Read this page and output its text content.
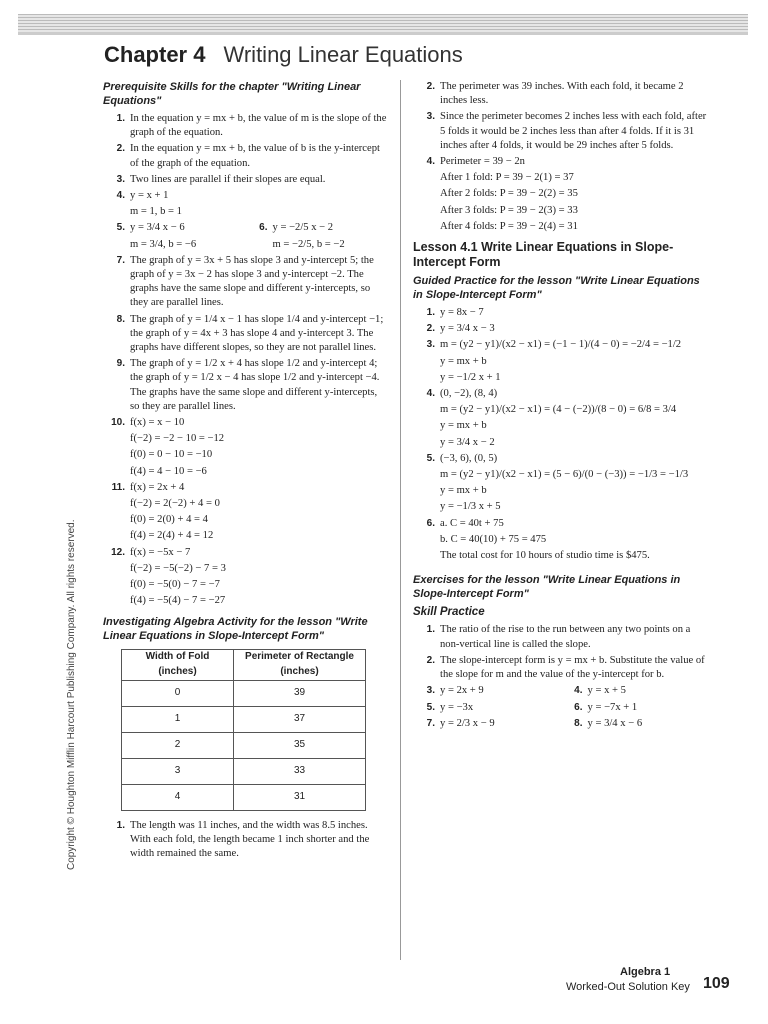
Chapter 4 Writing Linear Equations
Prerequisite Skills for the chapter "Writing Linear Equations"
1. In the equation y = mx + b, the value of m is the slope of the graph of the equation.
2. In the equation y = mx + b, the value of b is the y-intercept of the graph of the equation.
3. Two lines are parallel if their slopes are equal.
4. y = x + 1
m = 1, b = 1
5. y = 3/4 x − 6
m = 3/4, b = −6
6. y = −2/5 x − 2
m = −2/5, b = −2
7. The graph of y = 3x + 5 has slope 3 and y-intercept 5; the graph of y = 3x − 2 has slope 3 and y-intercept −2. The graphs have the same slope and different y-intercepts, so they are parallel lines.
8. The graph of y = 1/4 x − 1 has slope 1/4 and y-intercept −1; the graph of y = 4x + 3 has slope 4 and y-intercept 3. The graphs have different slopes, so they are not parallel lines.
9. The graph of y = 1/2 x + 4 has slope 1/2 and y-intercept 4; the graph of y = 1/2 x − 4 has slope 1/2 and y-intercept −4. The graphs have the same slope and different y-intercepts, so they are parallel lines.
10. f(x) = x − 10
f(−2) = −2 − 10 = −12
f(0) = 0 − 10 = −10
f(4) = 4 − 10 = −6
11. f(x) = 2x + 4
f(−2) = 2(−2) + 4 = 0
f(0) = 2(0) + 4 = 4
f(4) = 2(4) + 4 = 12
12. f(x) = −5x − 7
f(−2) = −5(−2) − 7 = 3
f(0) = −5(0) − 7 = −7
f(4) = −5(4) − 7 = −27
Investigating Algebra Activity for the lesson "Write Linear Equations in Slope-Intercept Form"
Width of Fold (inches)	Perimeter of Rectangle (inches)
0	39
1	37
2	35
3	33
4	31
1. The length was 11 inches, and the width was 8.5 inches. With each fold, the length became 1 inch shorter and the width remained the same.
2. The perimeter was 39 inches. With each fold, it became 2 inches less.
3. Since the perimeter becomes 2 inches less with each fold, after 5 folds it would be 2 inches less than after 4 folds. If it is 31 inches after 4 folds, it would be 29 inches after 5 folds.
4. Perimeter = 39 − 2n
After 1 fold: P = 39 − 2(1) = 37
After 2 folds: P = 39 − 2(2) = 35
After 3 folds: P = 39 − 2(3) = 33
After 4 folds: P = 39 − 2(4) = 31
Lesson 4.1 Write Linear Equations in Slope-Intercept Form
Guided Practice for the lesson "Write Linear Equations in Slope-Intercept Form"
1. y = 8x − 7
2. y = 3/4 x − 3
3. m = (y2 − y1)/(x2 − x1) = (−1 − 1)/(4 − 0) = −2/4 = −1/2
y = mx + b
y = −1/2 x + 1
4. (0, −2), (8, 4)
m = (y2 − y1)/(x2 − x1) = (4 − (−2))/(8 − 0) = 6/8 = 3/4
y = mx + b
y = 3/4 x − 2
5. (−3, 6), (0, 5)
m = (y2 − y1)/(x2 − x1) = (5 − 6)/(0 − (−3)) = −1/3 = −1/3
y = mx + b
y = −1/3 x + 5
6. a. C = 40t + 75
b. C = 40(10) + 75 = 475
The total cost for 10 hours of studio time is $475.
Exercises for the lesson "Write Linear Equations in Slope-Intercept Form"
Skill Practice
1. The ratio of the rise to the run between any two points on a non-vertical line is called the slope.
2. The slope-intercept form is y = mx + b. Substitute the value of the slope for m and the value of the y-intercept for b.
3. y = 2x + 9	4. y = x + 5
5. y = −3x	6. y = −7x + 1
7. y = 2/3 x − 9	8. y = 3/4 x − 6
Copyright © Houghton Mifflin Harcourt Publishing Company. All rights reserved.
Algebra 1
Worked-Out Solution Key 109
